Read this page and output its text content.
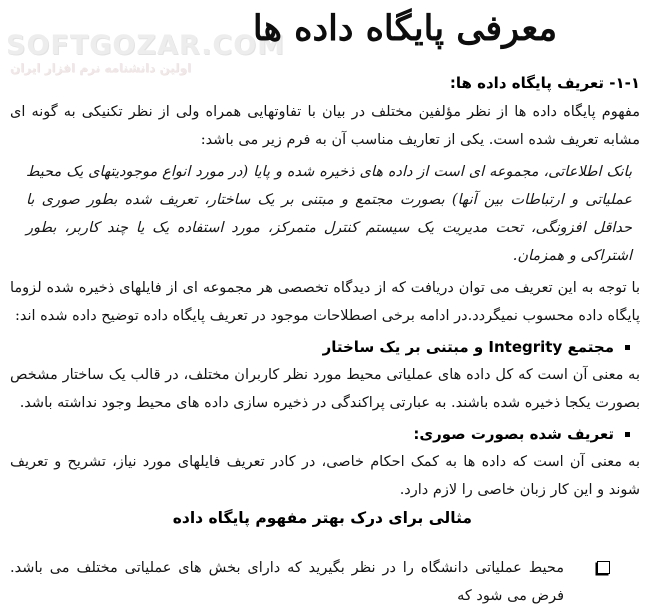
SOFTGOZAR.COM
اولین دانشنامه نرم افزار ایران
معرفی پایگاه داده ها
۱-۱- تعریف پایگاه داده ها:

مفهوم پایگاه داده ها از نظر مؤلفین مختلف در بیان با تفاوتهایی همراه ولی از نظر تکنیکی به گونه ای مشابه تعریف شده است. یکی از تعاریف مناسب آن به فرم زیر می باشد:

بانک اطلاعاتی، مجموعه ای است از داده های ذخیره شده و پایا (در مورد انواع موجودیتهای یک محیط عملیاتی و ارتباطات بین آنها) بصورت مجتمع و مبتنی بر یک ساختار، تعریف شده بطور صوری با حداقل افزونگی، تحت مدیریت یک سیستم کنترل متمرکز، مورد استفاده یک یا چند کاربر، بطور اشتراکی و همزمان.

با توجه به این تعریف می توان دریافت که از دیدگاه تخصصی هر مجموعه ای از فایلهای ذخیره شده لزوما پایگاه داده محسوب نمیگردد.در ادامه برخی اصطلاحات موجود در تعریف پایگاه داده توضیح داده شده اند:

مجتمع Integrity و مبتنی بر یک ساختار

به معنی آن است که کل داده های عملیاتی محیط مورد نظر کاربران مختلف، در قالب یک ساختار مشخص بصورت یکجا ذخیره شده باشند. به عبارتی پراکندگی در ذخیره سازی داده های محیط وجود نداشته باشد.

تعریف شده بصورت صوری:

به معنی آن است که داده ها به کمک احکام خاصی، در کادر تعریف فایلهای مورد نیاز، تشریح و تعریف شوند و این کار زبان خاصی را لازم دارد.

مثالی برای درک بهتر مفهوم پایگاه داده

محیط عملیاتی دانشگاه را در نظر بگیرید که دارای بخش های عملیاتی مختلف می باشد. فرض می شود که
